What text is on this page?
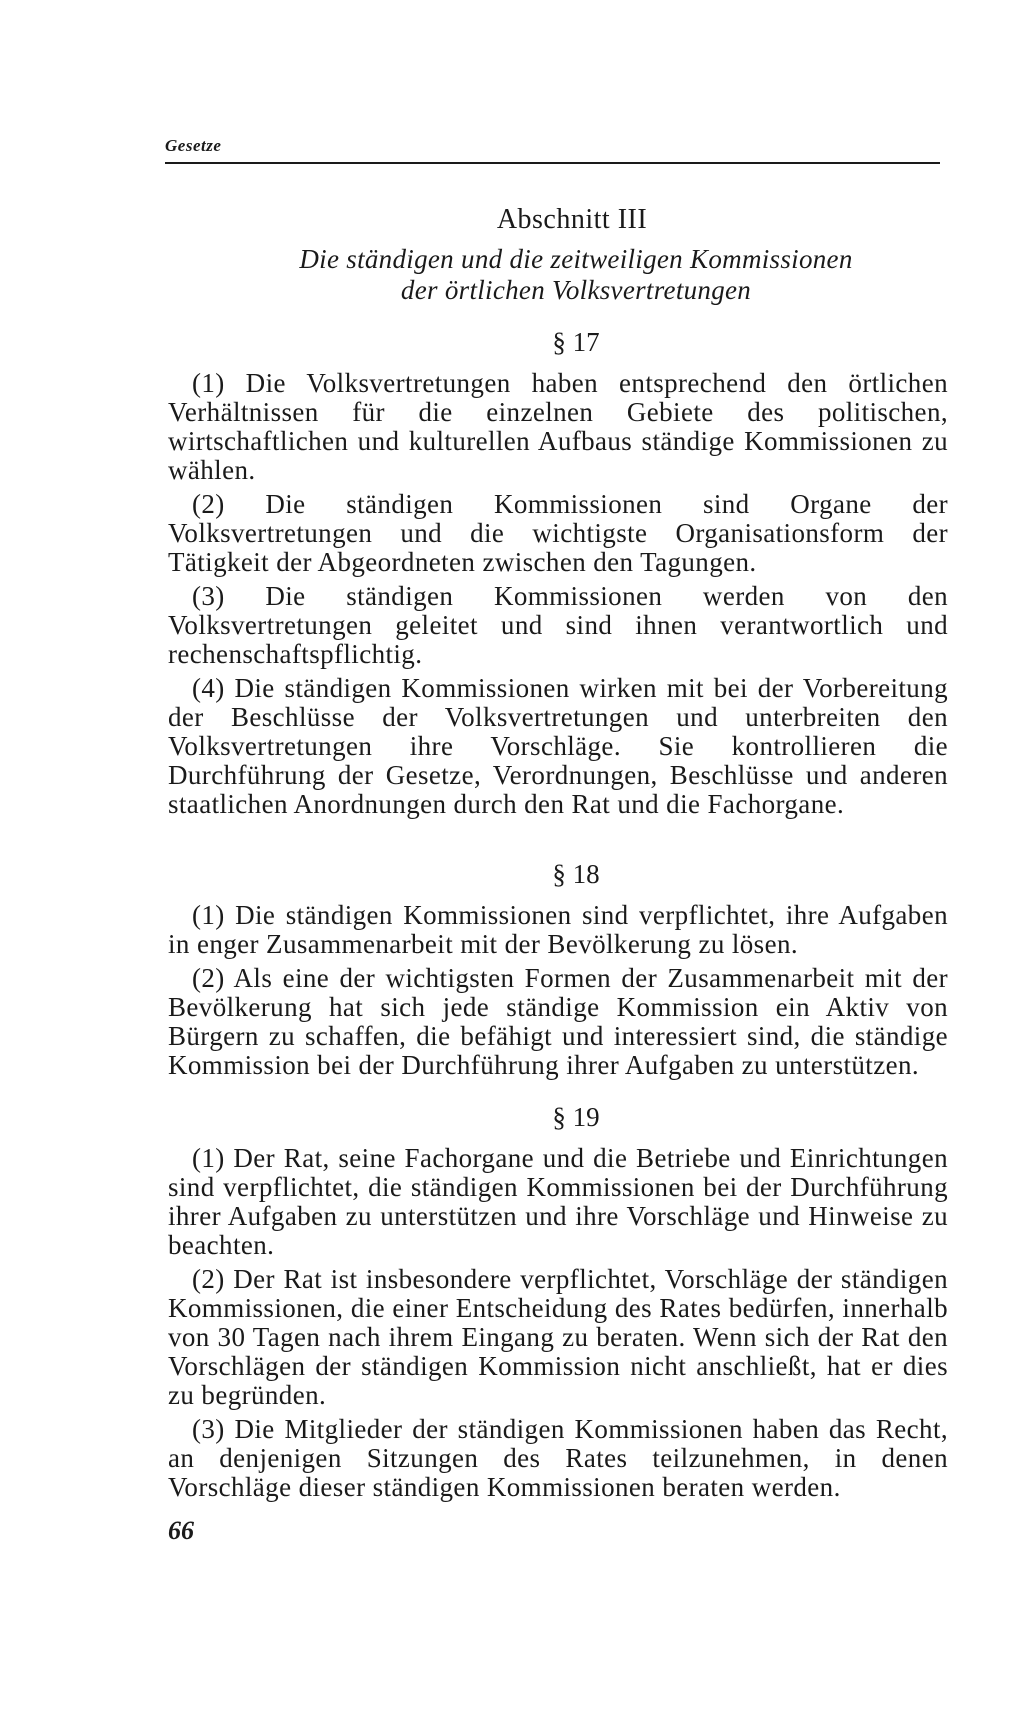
Gesetze
Abschnitt III
Die ständigen und die zeitweiligen Kommissionen
der örtlichen Volksvertretungen
§ 17

(1) Die Volksvertretungen haben entsprechend den örtlichen Verhältnissen für die einzelnen Gebiete des politischen, wirtschaftlichen und kulturellen Aufbaus ständige Kommissionen zu wählen.

(2) Die ständigen Kommissionen sind Organe der Volksvertretungen und die wichtigste Organisationsform der Tätigkeit der Abgeordneten zwischen den Tagungen.

(3) Die ständigen Kommissionen werden von den Volksvertretungen geleitet und sind ihnen verantwortlich und rechenschaftspflichtig.

(4) Die ständigen Kommissionen wirken mit bei der Vorbereitung der Beschlüsse der Volksvertretungen und unterbreiten den Volksvertretungen ihre Vorschläge. Sie kontrollieren die Durchführung der Gesetze, Verordnungen, Beschlüsse und anderen staatlichen Anordnungen durch den Rat und die Fachorgane.

§ 18

(1) Die ständigen Kommissionen sind verpflichtet, ihre Aufgaben in enger Zusammenarbeit mit der Bevölkerung zu lösen.

(2) Als eine der wichtigsten Formen der Zusammenarbeit mit der Bevölkerung hat sich jede ständige Kommission ein Aktiv von Bürgern zu schaffen, die befähigt und interessiert sind, die ständige Kommission bei der Durchführung ihrer Aufgaben zu unterstützen.

§ 19

(1) Der Rat, seine Fachorgane und die Betriebe und Einrichtungen sind verpflichtet, die ständigen Kommissionen bei der Durchführung ihrer Aufgaben zu unterstützen und ihre Vorschläge und Hinweise zu beachten.

(2) Der Rat ist insbesondere verpflichtet, Vorschläge der ständigen Kommissionen, die einer Entscheidung des Rates bedürfen, innerhalb von 30 Tagen nach ihrem Eingang zu beraten. Wenn sich der Rat den Vorschlägen der ständigen Kommission nicht anschließt, hat er dies zu begründen.

(3) Die Mitglieder der ständigen Kommissionen haben das Recht, an denjenigen Sitzungen des Rates teilzunehmen, in denen Vorschläge dieser ständigen Kommissionen beraten werden.

66
